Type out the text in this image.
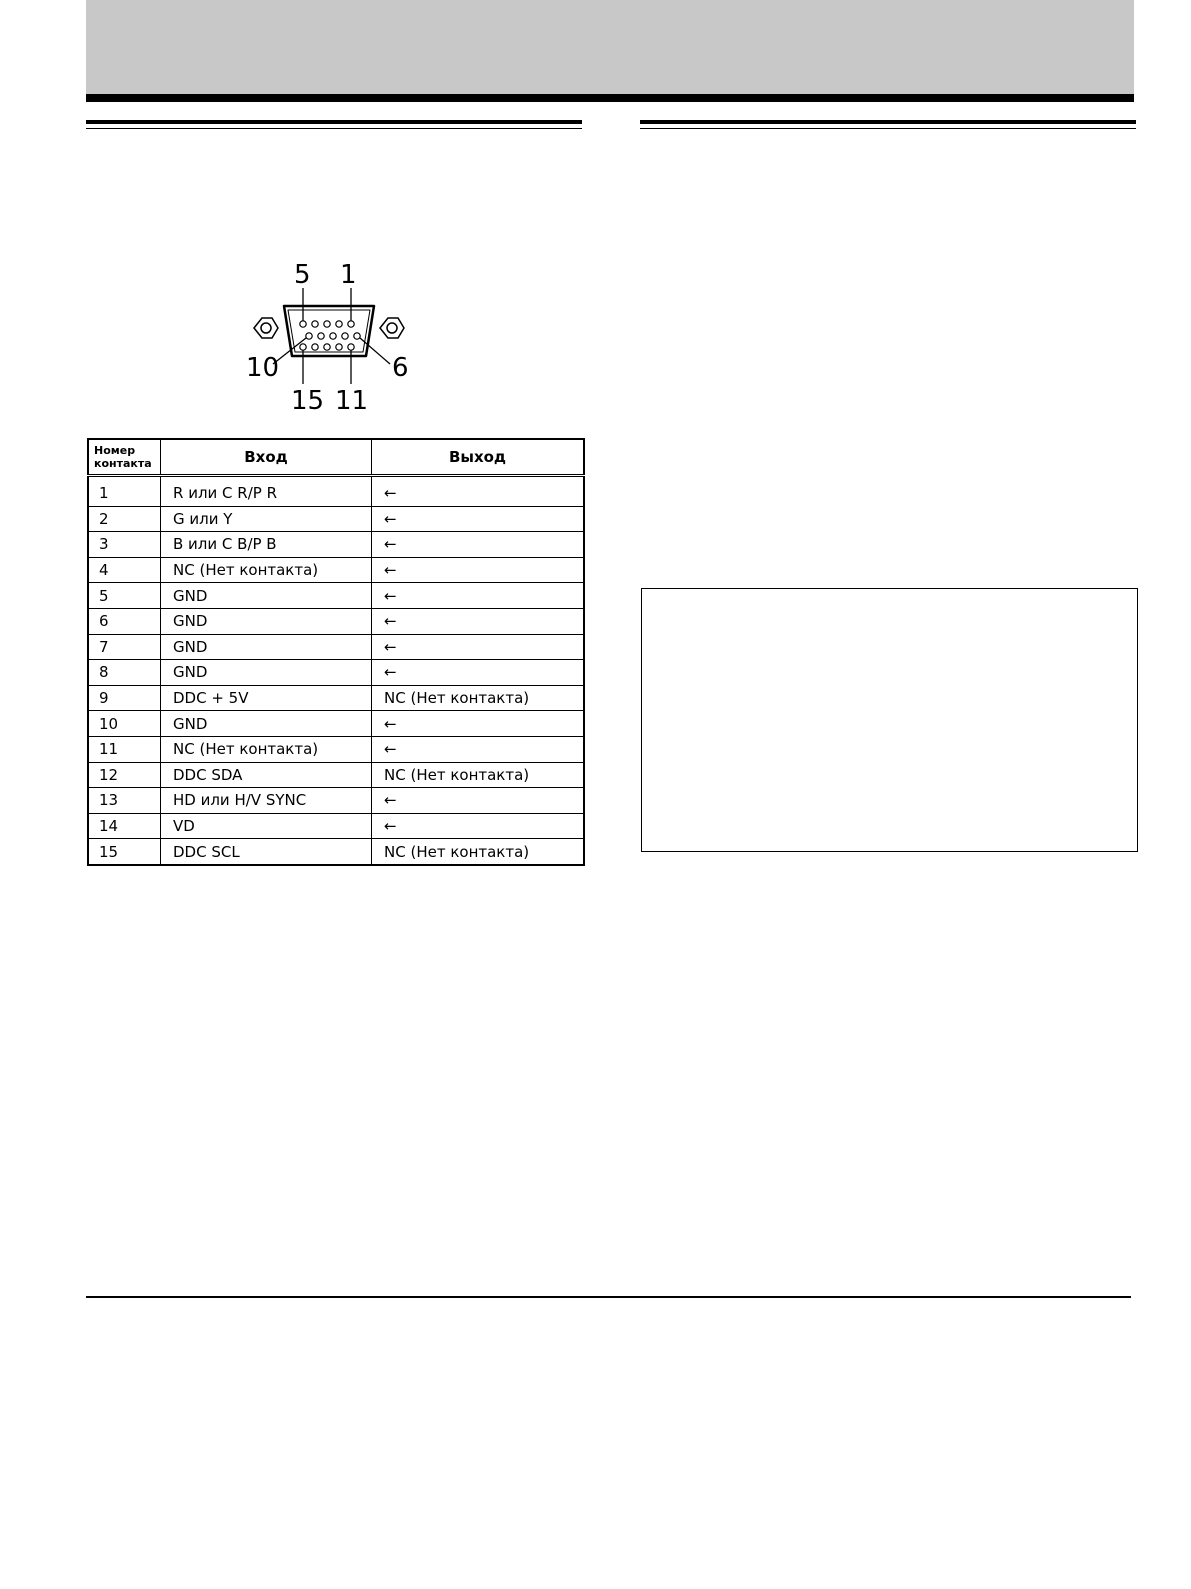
5 1
10	6
15 11
Номер контакта	Вход	Выход
1	R или C R/P R	←
2	G или Y	←
3	B или C B/P B	←
4	NC (Нет контакта)	←
5	GND	←
6	GND	←
7	GND	←
8	GND	←
9	DDC + 5V	NC (Нет контакта)
10	GND	←
11	NC (Нет контакта)	←
12	DDC SDA	NC (Нет контакта)
13	HD или H/V SYNC	←
14	VD	←
15	DDC SCL	NC (Нет контакта)
